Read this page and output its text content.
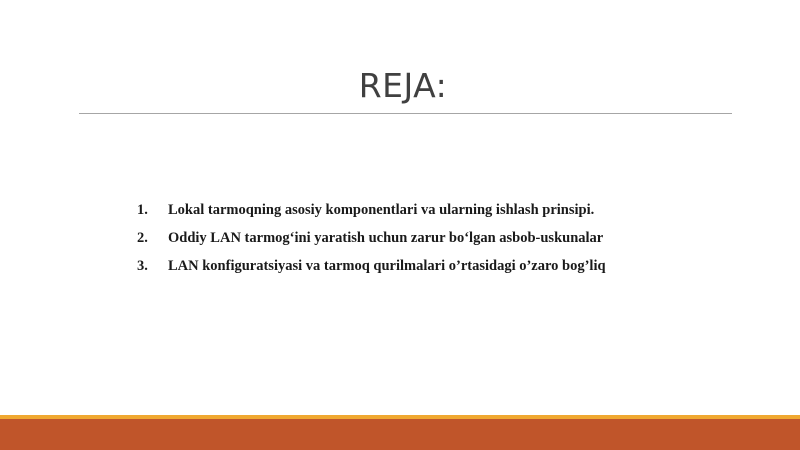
REJA:
1.	Lokal tarmoqning asosiy komponentlari va ularning ishlash prinsipi.
2.	Oddiy LAN tarmog‘ini yaratish uchun zarur bo‘lgan asbob-uskunalar
3.	LAN konfiguratsiyasi va tarmoq qurilmalari o’rtasidagi o’zaro bog’liq
